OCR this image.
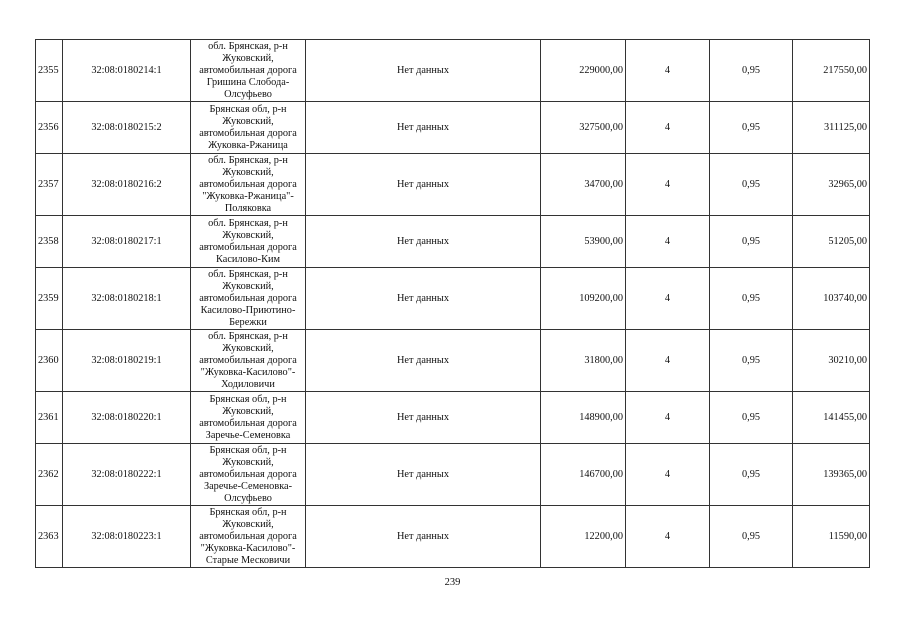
2355	32:08:0180214:1	обл. Брянская, р-н Жуковский, автомобильная дорога Гришина Слобода-Олсуфьево	Нет данных	229000,00	4	0,95	217550,00
2356	32:08:0180215:2	Брянская обл, р-н Жуковский, автомобильная дорога Жуковка-Ржаница	Нет данных	327500,00	4	0,95	311125,00
2357	32:08:0180216:2	обл. Брянская, р-н Жуковский, автомобильная дорога "Жуковка-Ржаница"-Поляковка	Нет данных	34700,00	4	0,95	32965,00
2358	32:08:0180217:1	обл. Брянская, р-н Жуковский, автомобильная дорога Касилово-Ким	Нет данных	53900,00	4	0,95	51205,00
2359	32:08:0180218:1	обл. Брянская, р-н Жуковский, автомобильная дорога Касилово-Приютино-Бережки	Нет данных	109200,00	4	0,95	103740,00
2360	32:08:0180219:1	обл. Брянская, р-н Жуковский, автомобильная дорога "Жуковка-Касилово"-Ходиловичи	Нет данных	31800,00	4	0,95	30210,00
2361	32:08:0180220:1	Брянская обл, р-н Жуковский, автомобильная дорога Заречье-Семеновка	Нет данных	148900,00	4	0,95	141455,00
2362	32:08:0180222:1	Брянская обл, р-н Жуковский, автомобильная дорога Заречье-Семеновка-Олсуфьево	Нет данных	146700,00	4	0,95	139365,00
2363	32:08:0180223:1	Брянская обл, р-н Жуковский, автомобильная дорога "Жуковка-Касилово"-Старые Месковичи	Нет данных	12200,00	4	0,95	11590,00
239
